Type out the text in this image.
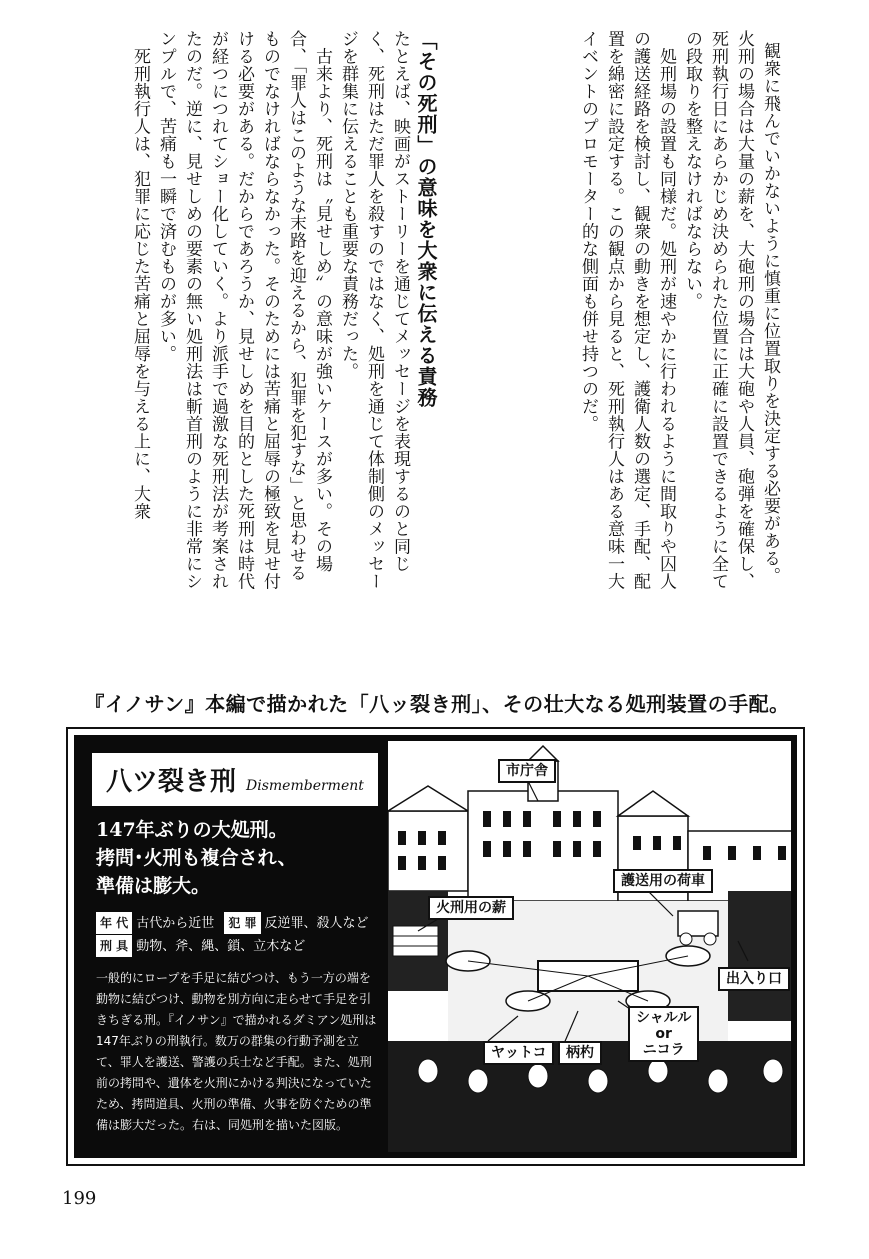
観衆に飛んでいかないように慎重に位置取りを決定する必要がある。火刑の場合は大量の薪を、大砲刑の場合は大砲や人員、砲弾を確保し、死刑執行日にあらかじめ決められた位置に正確に設置できるように全ての段取りを整えなければならない。
　処刑場の設置も同様だ。処刑が速やかに行われるように間取りや囚人の護送経路を検討し、観衆の動きを想定し、護衛人数の選定、手配、配置を綿密に設定する。この観点から見ると、死刑執行人はある意味一大イベントのプロモーター的な側面も併せ持つのだ。

「その死刑」の意味を大衆に伝える責務
たとえば、映画がストーリーを通じてメッセージを表現するのと同じく、死刑はただ罪人を殺すのではなく、処刑を通じて体制側のメッセージを群集に伝えることも重要な責務だった。
　古来より、死刑は〝見せしめ〟の意味が強いケースが多い。その場合、「罪人はこのような末路を迎えるから、犯罪を犯すな」と思わせるものでなければならなかった。そのためには苦痛と屈辱の極致を見せ付ける必要がある。だからであろうか、見せしめを目的とした死刑は時代が経つにつれてショー化していく。より派手で過激な死刑法が考案されたのだ。逆に、見せしめの要素の無い処刑法は斬首刑のように非常にシンプルで、苦痛も一瞬で済むものが多い。
　死刑執行人は、犯罪に応じた苦痛と屈辱を与える上に、大衆
『イノサン』本編で描かれた「八ッ裂き刑」、その壮大なる処刑装置の手配。
八ツ裂き刑 Dismemberment
147年ぶりの大処刑。
拷問･火刑も複合され、
準備は膨大。
年 代 古代から近世 犯 罪 反逆罪、殺人など
刑 具 動物、斧、縄、鎖、立木など
一般的にロープを手足に結びつけ、もう一方の端を動物に結びつけ、動物を別方向に走らせて手足を引きちぎる刑。『イノサン』で描かれるダミアン処刑は147年ぶりの刑執行。数万の群集の行動予測を立て、罪人を護送、警護の兵士など手配。また、処刑前の拷問や、遺体を火刑にかける判決になっていたため、拷問道具、火刑の準備、火事を防ぐための準備は膨大だった。右は、同処刑を描いた図版。
市庁舎
護送用の荷車
火刑用の薪
出入り口
シャルル
or
ニコラ
ヤットコ	柄杓
199
